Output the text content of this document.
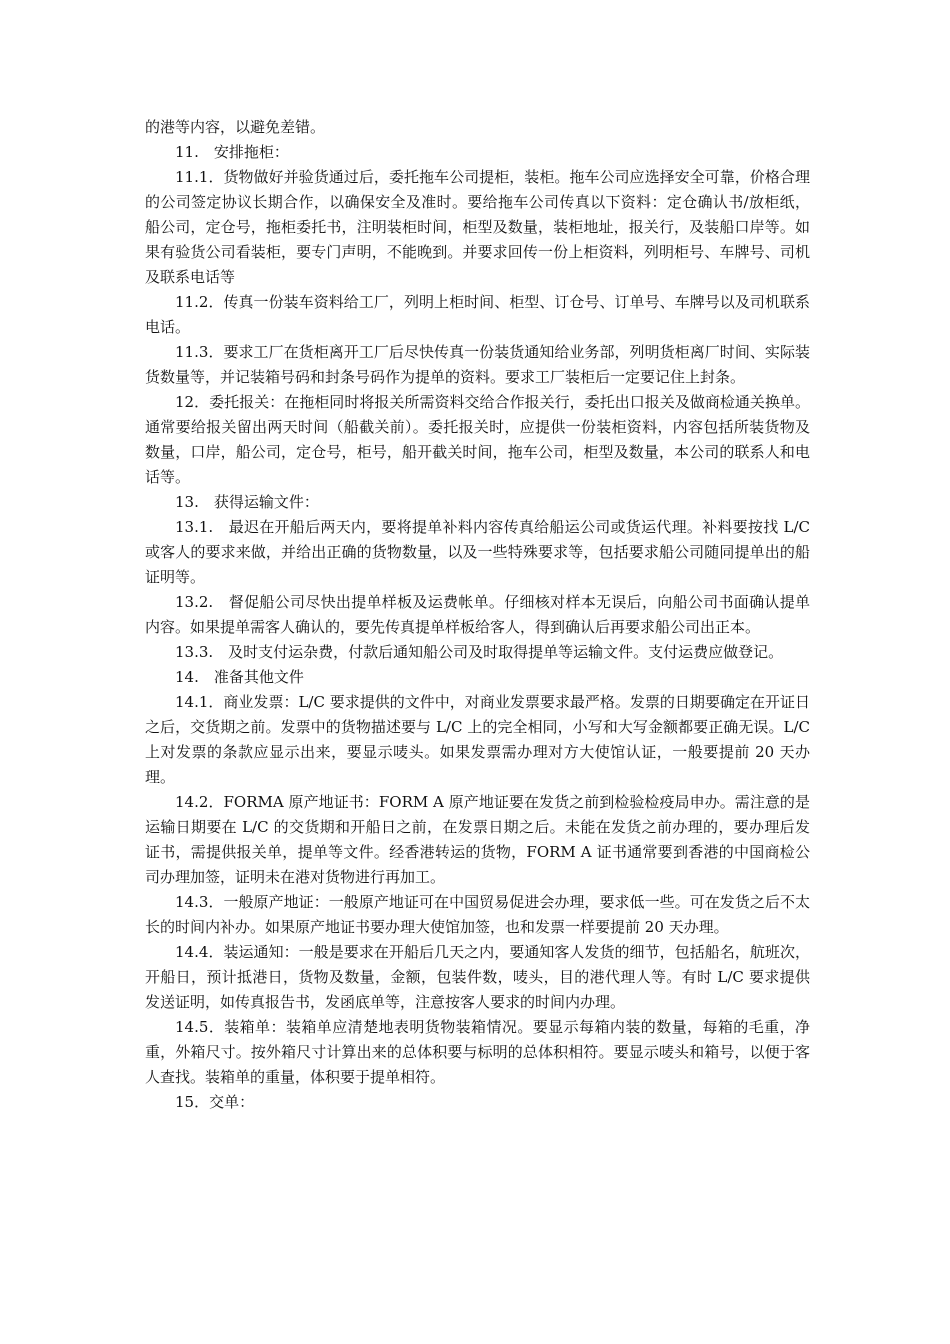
的港等内容，以避免差错。

11.　安排拖柜：

11.1．货物做好并验货通过后，委托拖车公司提柜，装柜。拖车公司应选择安全可靠，价格合理的公司签定协议长期合作，以确保安全及准时。要给拖车公司传真以下资料：定仓确认书/放柜纸，船公司，定仓号，拖柜委托书，注明装柜时间，柜型及数量，装柜地址，报关行，及装船口岸等。如果有验货公司看装柜，要专门声明，不能晚到。并要求回传一份上柜资料，列明柜号、车牌号、司机及联系电话等

11.2．传真一份装车资料给工厂，列明上柜时间、柜型、订仓号、订单号、车牌号以及司机联系电话。

11.3．要求工厂在货柜离开工厂后尽快传真一份装货通知给业务部，列明货柜离厂时间、实际装货数量等，并记装箱号码和封条号码作为提单的资料。要求工厂装柜后一定要记住上封条。

12．委托报关：在拖柜同时将报关所需资料交给合作报关行，委托出口报关及做商检通关换单。通常要给报关留出两天时间（船截关前）。委托报关时，应提供一份装柜资料，内容包括所装货物及数量，口岸，船公司，定仓号，柜号，船开截关时间，拖车公司，柜型及数量，本公司的联系人和电话等。

13.　获得运输文件：

13.1.　最迟在开船后两天内，要将提单补料内容传真给船运公司或货运代理。补料要按找 L/C 或客人的要求来做，并给出正确的货物数量，以及一些特殊要求等，包括要求船公司随同提单出的船证明等。

13.2.　督促船公司尽快出提单样板及运费帐单。仔细核对样本无误后，向船公司书面确认提单内容。如果提单需客人确认的，要先传真提单样板给客人，得到确认后再要求船公司出正本。

13.3.　及时支付运杂费，付款后通知船公司及时取得提单等运输文件。支付运费应做登记。

14.　准备其他文件

14.1．商业发票：L/C 要求提供的文件中，对商业发票要求最严格。发票的日期要确定在开证日之后，交货期之前。发票中的货物描述要与 L/C 上的完全相同，小写和大写金额都要正确无误。L/C 上对发票的条款应显示出来，要显示唛头。如果发票需办理对方大使馆认证，一般要提前 20 天办理。

14.2．FORMA 原产地证书：FORM A 原产地证要在发货之前到检验检疫局申办。需注意的是运输日期要在 L/C 的交货期和开船日之前，在发票日期之后。未能在发货之前办理的，要办理后发证书，需提供报关单，提单等文件。经香港转运的货物，FORM A 证书通常要到香港的中国商检公司办理加签，证明未在港对货物进行再加工。

14.3．一般原产地证：一般原产地证可在中国贸易促进会办理，要求低一些。可在发货之后不太长的时间内补办。如果原产地证书要办理大使馆加签，也和发票一样要提前 20 天办理。

14.4．装运通知：一般是要求在开船后几天之内，要通知客人发货的细节，包括船名，航班次，开船日，预计抵港日，货物及数量，金额，包装件数，唛头，目的港代理人等。有时 L/C 要求提供发送证明，如传真报告书，发函底单等，注意按客人要求的时间内办理。

14.5．装箱单：装箱单应清楚地表明货物装箱情况。要显示每箱内装的数量，每箱的毛重，净重，外箱尺寸。按外箱尺寸计算出来的总体积要与标明的总体积相符。要显示唛头和箱号，以便于客人查找。装箱单的重量，体积要于提单相符。

15．交单：
